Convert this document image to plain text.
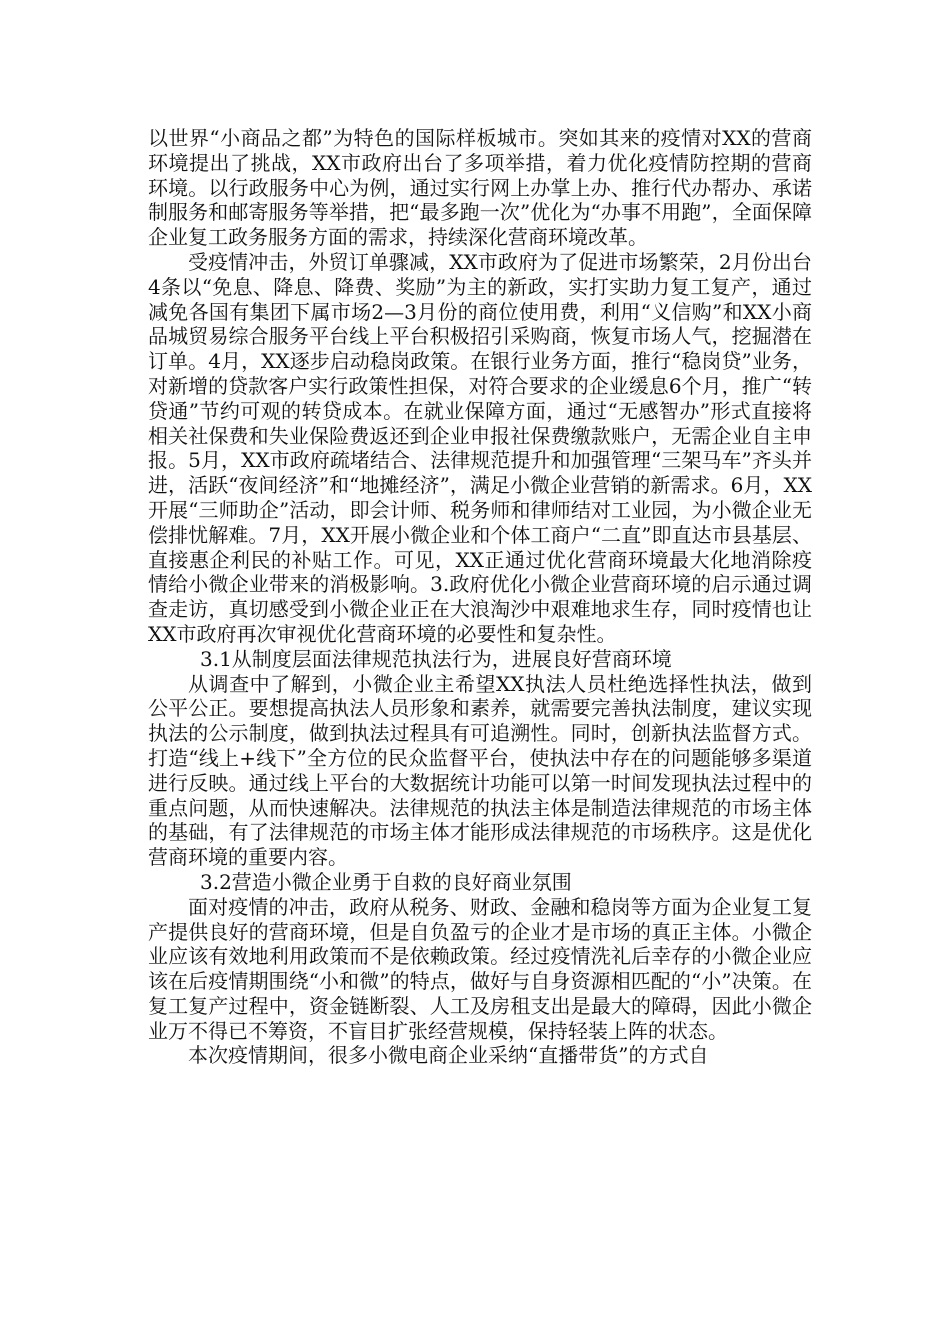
以世界“小商品之都”为特色的国际样板城市。突如其来的疫情对XX的营商环境提出了挑战，XX市政府出台了多项举措，着力优化疫情防控期的营商环境。以行政服务中心为例，通过实行网上办掌上办、推行代办帮办、承诺制服务和邮寄服务等举措，把“最多跑一次”优化为“办事不用跑”，全面保障企业复工政务服务方面的需求，持续深化营商环境改革。

受疫情冲击，外贸订单骤减，XX市政府为了促进市场繁荣，2月份出台4条以“免息、降息、降费、奖励”为主的新政，实打实助力复工复产，通过减免各国有集团下属市场2—3月份的商位使用费，利用“义信购”和XX小商品城贸易综合服务平台线上平台积极招引采购商，恢复市场人气，挖掘潜在订单。4月，XX逐步启动稳岗政策。在银行业务方面，推行“稳岗贷”业务，对新增的贷款客户实行政策性担保，对符合要求的企业缓息6个月，推广“转贷通”节约可观的转贷成本。在就业保障方面，通过“无感智办”形式直接将相关社保费和失业保险费返还到企业申报社保费缴款账户，无需企业自主申报。5月，XX市政府疏堵结合、法律规范提升和加强管理“三架马车”齐头并进，活跃“夜间经济”和“地摊经济”，满足小微企业营销的新需求。6月，XX开展“三师助企”活动，即会计师、税务师和律师结对工业园，为小微企业无偿排忧解难。7月，XX开展小微企业和个体工商户“二直”即直达市县基层、直接惠企利民的补贴工作。可见，XX正通过优化营商环境最大化地消除疫情给小微企业带来的消极影响。3.政府优化小微企业营商环境的启示通过调查走访，真切感受到小微企业正在大浪淘沙中艰难地求生存，同时疫情也让XX市政府再次审视优化营商环境的必要性和复杂性。

3.1从制度层面法律规范执法行为，进展良好营商环境

从调查中了解到，小微企业主希望XX执法人员杜绝选择性执法，做到公平公正。要想提高执法人员形象和素养，就需要完善执法制度，建议实现执法的公示制度，做到执法过程具有可追溯性。同时，创新执法监督方式。打造“线上+线下”全方位的民众监督平台，使执法中存在的问题能够多渠道进行反映。通过线上平台的大数据统计功能可以第一时间发现执法过程中的重点问题，从而快速解决。法律规范的执法主体是制造法律规范的市场主体的基础，有了法律规范的市场主体才能形成法律规范的市场秩序。这是优化营商环境的重要内容。

3.2营造小微企业勇于自救的良好商业氛围

面对疫情的冲击，政府从税务、财政、金融和稳岗等方面为企业复工复产提供良好的营商环境，但是自负盈亏的企业才是市场的真正主体。小微企业应该有效地利用政策而不是依赖政策。经过疫情洗礼后幸存的小微企业应该在后疫情期围绕“小和微”的特点，做好与自身资源相匹配的“小”决策。在复工复产过程中，资金链断裂、人工及房租支出是最大的障碍，因此小微企业万不得已不筹资，不盲目扩张经营规模，保持轻装上阵的状态。

本次疫情期间，很多小微电商企业采纳“直播带货”的方式自
